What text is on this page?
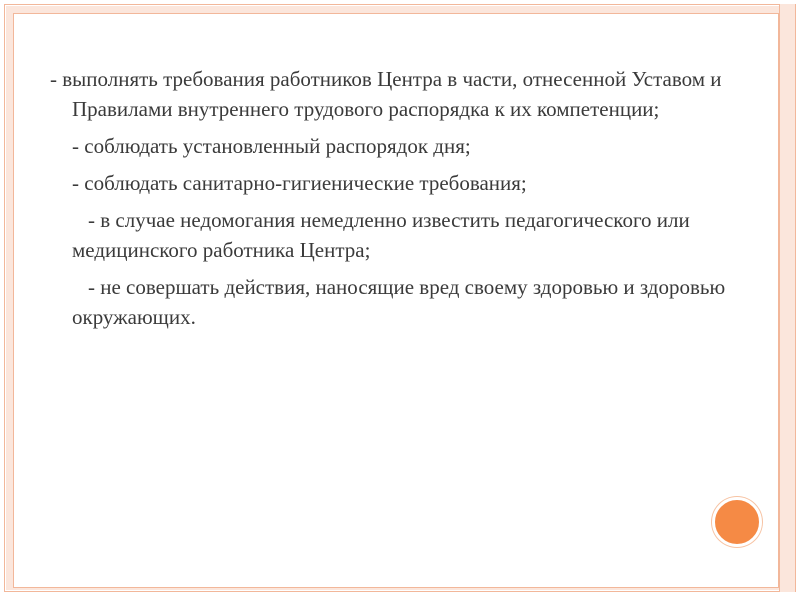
- выполнять требования работников Центра в части, отнесенной Уставом и Правилами внутреннего трудового распорядка к их компетенции;
- соблюдать установленный распорядок дня;
- соблюдать санитарно-гигиенические требования;
- в случае недомогания немедленно известить педагогического или медицинского работника Центра;
- не совершать действия, наносящие вред своему здоровью и здоровью окружающих.
